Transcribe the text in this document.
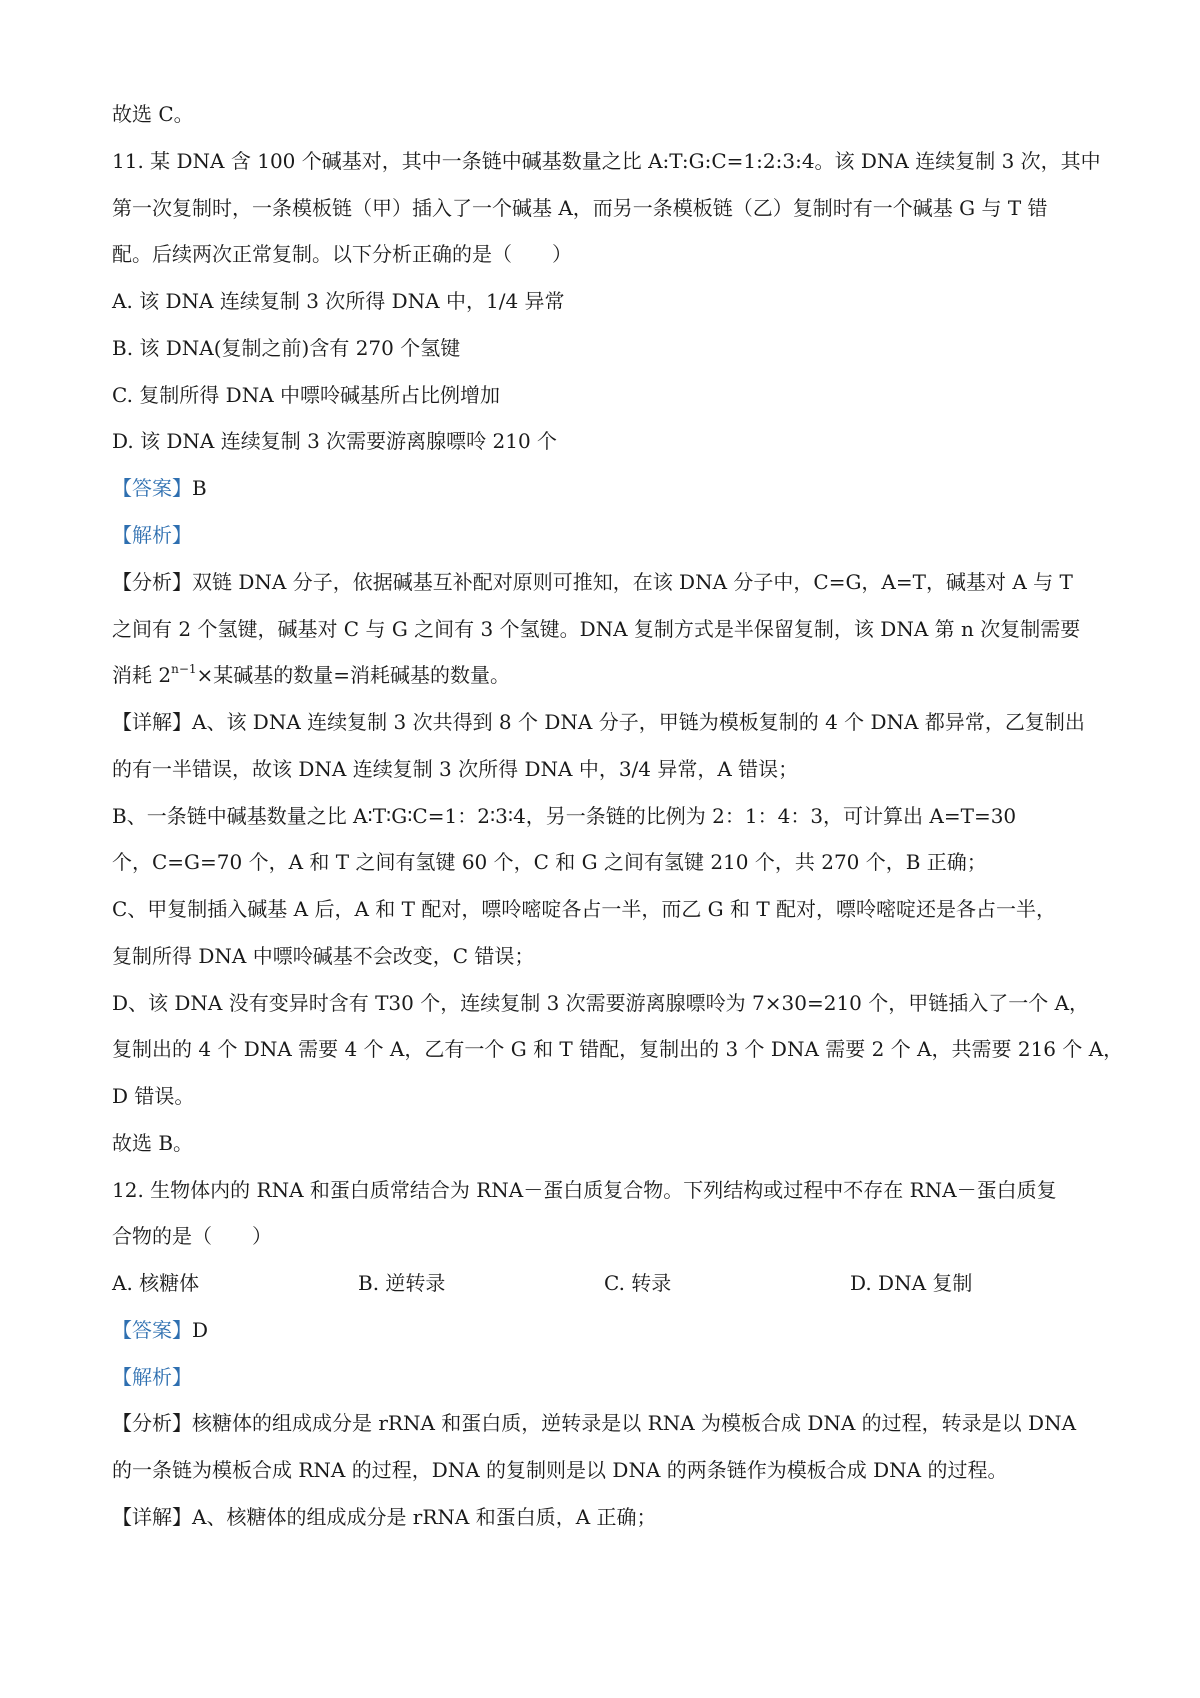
故选 C。
11. 某 DNA 含 100 个碱基对，其中一条链中碱基数量之比 A:T:G:C=1:2:3:4。该 DNA 连续复制 3 次，其中
第一次复制时，一条模板链（甲）插入了一个碱基 A，而另一条模板链（乙）复制时有一个碱基 G 与 T 错
配。后续两次正常复制。以下分析正确的是（　　）
A. 该 DNA 连续复制 3 次所得 DNA 中，1/4 异常
B. 该 DNA(复制之前)含有 270 个氢键
C. 复制所得 DNA 中嘌呤碱基所占比例增加
D. 该 DNA 连续复制 3 次需要游离腺嘌呤 210 个
【答案】B
【解析】
【分析】双链 DNA 分子，依据碱基互补配对原则可推知，在该 DNA 分子中，C=G，A=T，碱基对 A 与 T
之间有 2 个氢键，碱基对 C 与 G 之间有 3 个氢键。DNA 复制方式是半保留复制，该 DNA 第 n 次复制需要
消耗 $2^{n-1}\times$某碱基的数量=消耗碱基的数量。
【详解】A、该 DNA 连续复制 3 次共得到 8 个 DNA 分子，甲链为模板复制的 4 个 DNA 都异常，乙复制出
的有一半错误，故该 DNA 连续复制 3 次所得 DNA 中，3/4 异常，A 错误；
B、一条链中碱基数量之比 A∶T∶G∶C=1：2∶3∶4，另一条链的比例为 2：1：4：3，可计算出 A=T=30
个，C=G=70 个，A 和 T 之间有氢键 60 个，C 和 G 之间有氢键 210 个，共 270 个，B 正确；
C、甲复制插入碱基 A 后，A 和 T 配对，嘌呤嘧啶各占一半，而乙 G 和 T 配对，嘌呤嘧啶还是各占一半，
复制所得 DNA 中嘌呤碱基不会改变，C 错误；
D、该 DNA 没有变异时含有 T30 个，连续复制 3 次需要游离腺嘌呤为 7×30=210 个，甲链插入了一个 A，
复制出的 4 个 DNA 需要 4 个 A，乙有一个 G 和 T 错配，复制出的 3 个 DNA 需要 2 个 A，共需要 216 个 A，
D 错误。
故选 B。
12. 生物体内的 RNA 和蛋白质常结合为 RNA－蛋白质复合物。下列结构或过程中不存在 RNA－蛋白质复
合物的是（　　）
A. 核糖体	B. 逆转录	C. 转录	D. DNA 复制
【答案】D
【解析】
【分析】核糖体的组成成分是 rRNA 和蛋白质，逆转录是以 RNA 为模板合成 DNA 的过程，转录是以 DNA
的一条链为模板合成 RNA 的过程，DNA 的复制则是以 DNA 的两条链作为模板合成 DNA 的过程。
【详解】A、核糖体的组成成分是 rRNA 和蛋白质，A 正确；
